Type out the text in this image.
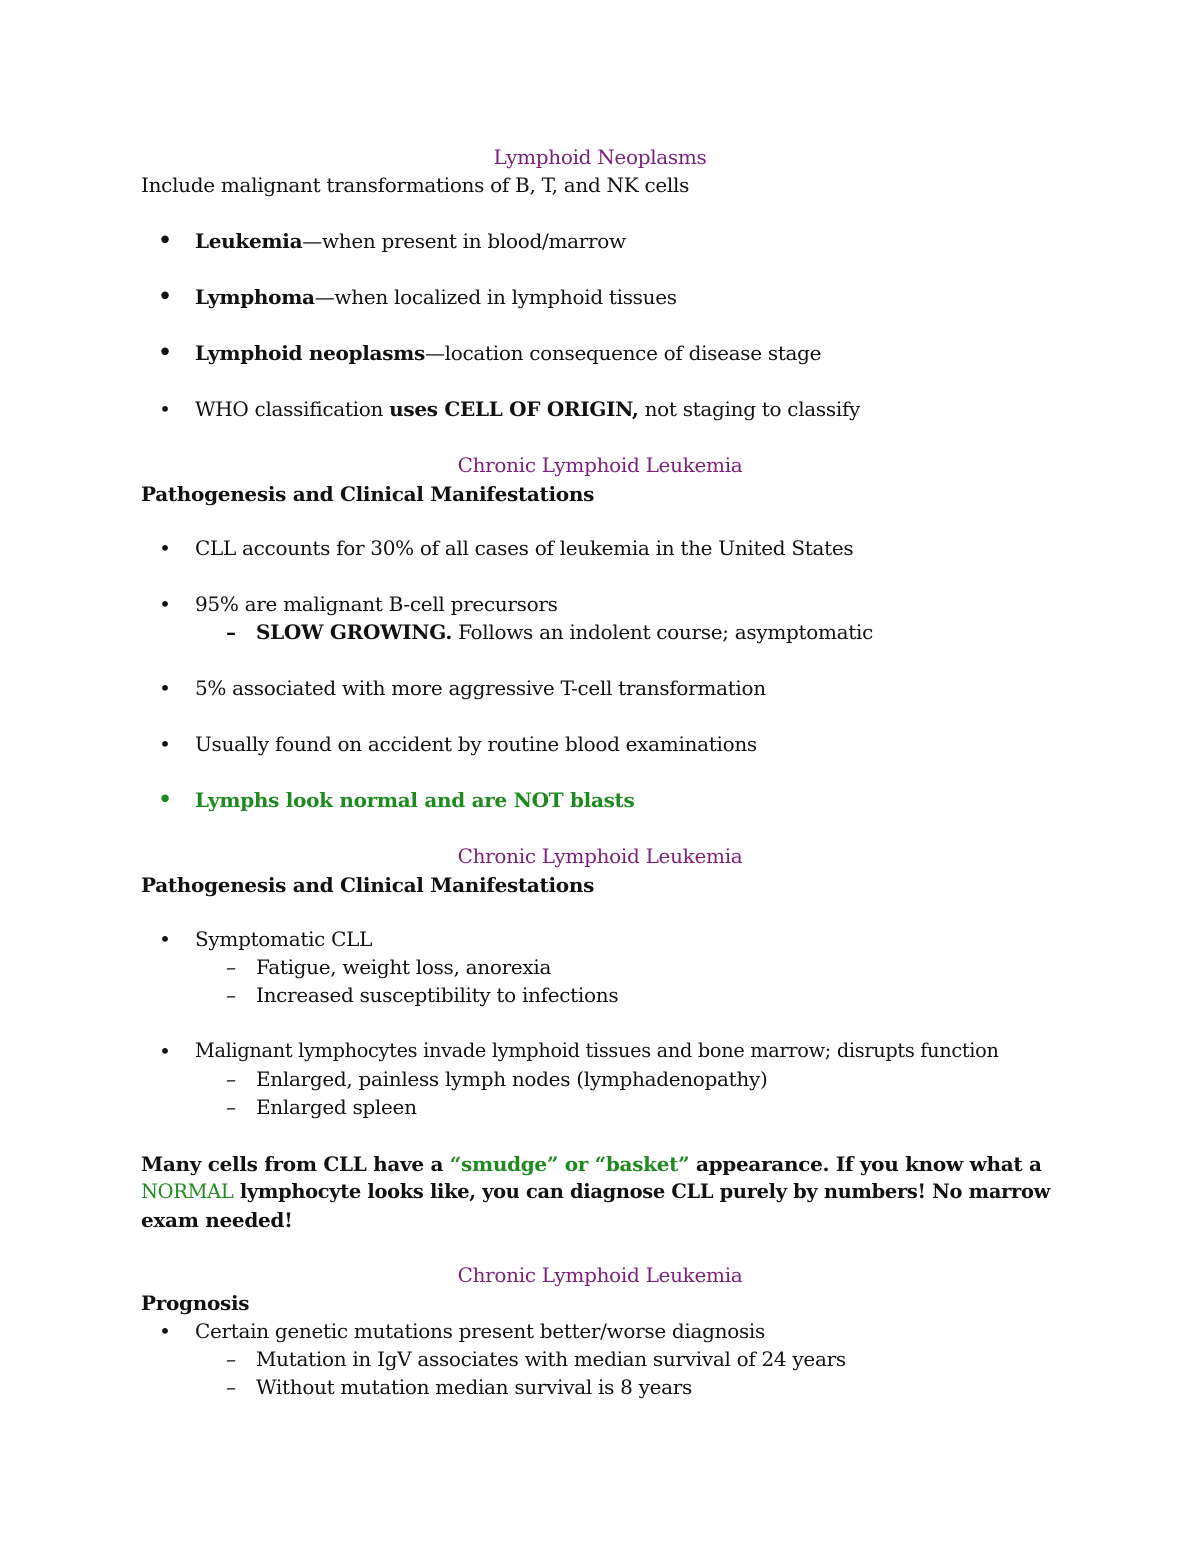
Lymphoid Neoplasms
Include malignant transformations of B, T, and NK cells
• Leukemia—when present in blood/marrow
• Lymphoma—when localized in lymphoid tissues
• Lymphoid neoplasms—location consequence of disease stage
• WHO classification uses CELL OF ORIGIN, not staging to classify
Chronic Lymphoid Leukemia
Pathogenesis and Clinical Manifestations
• CLL accounts for 30% of all cases of leukemia in the United States
• 95% are malignant B-cell precursors
– SLOW GROWING. Follows an indolent course; asymptomatic
• 5% associated with more aggressive T-cell transformation
• Usually found on accident by routine blood examinations
• Lymphs look normal and are NOT blasts
Chronic Lymphoid Leukemia
Pathogenesis and Clinical Manifestations
• Symptomatic CLL
– Fatigue, weight loss, anorexia
– Increased susceptibility to infections
• Malignant lymphocytes invade lymphoid tissues and bone marrow; disrupts function
– Enlarged, painless lymph nodes (lymphadenopathy)
– Enlarged spleen
Many cells from CLL have a “smudge” or “basket” appearance. If you know what a
NORMAL lymphocyte looks like, you can diagnose CLL purely by numbers! No marrow
exam needed!
Chronic Lymphoid Leukemia
Prognosis
• Certain genetic mutations present better/worse diagnosis
– Mutation in IgV associates with median survival of 24 years
– Without mutation median survival is 8 years
